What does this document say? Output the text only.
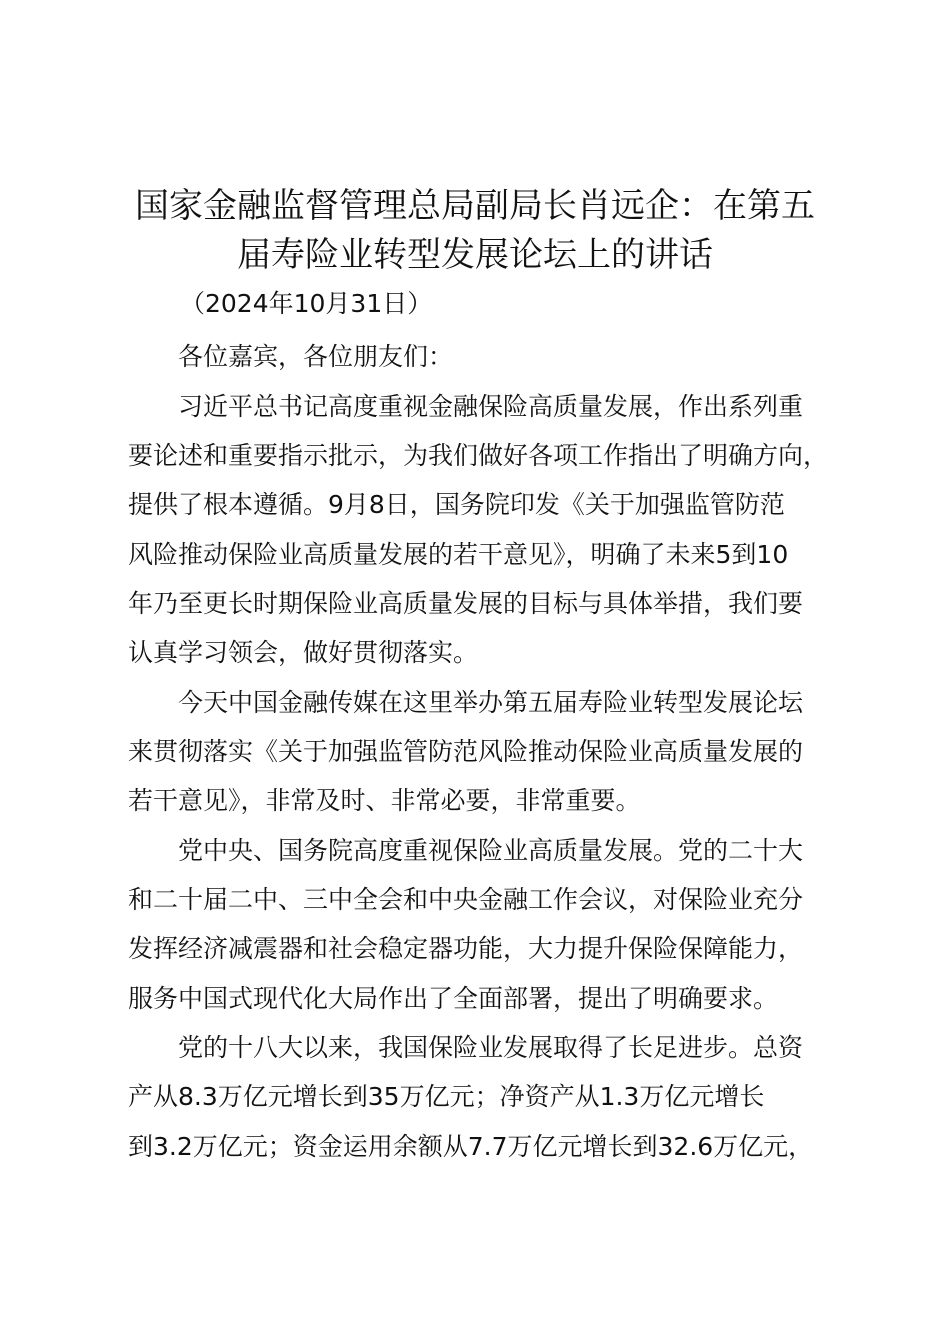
国家金融监督管理总局副局长肖远企：在第五
届寿险业转型发展论坛上的讲话
（2024年10月31日）
各位嘉宾，各位朋友们：
习近平总书记高度重视金融保险高质量发展，作出系列重
要论述和重要指示批示，为我们做好各项工作指出了明确方向，
提供了根本遵循。9月8日，国务院印发《关于加强监管防范
风险推动保险业高质量发展的若干意见》，明确了未来5到10
年乃至更长时期保险业高质量发展的目标与具体举措，我们要
认真学习领会，做好贯彻落实。
今天中国金融传媒在这里举办第五届寿险业转型发展论坛
来贯彻落实《关于加强监管防范风险推动保险业高质量发展的
若干意见》，非常及时、非常必要，非常重要。
党中央、国务院高度重视保险业高质量发展。党的二十大
和二十届二中、三中全会和中央金融工作会议，对保险业充分
发挥经济减震器和社会稳定器功能，大力提升保险保障能力，
服务中国式现代化大局作出了全面部署，提出了明确要求。
党的十八大以来，我国保险业发展取得了长足进步。总资
产从8.3万亿元增长到35万亿元；净资产从1.3万亿元增长
到3.2万亿元；资金运用余额从7.7万亿元增长到32.6万亿元，
